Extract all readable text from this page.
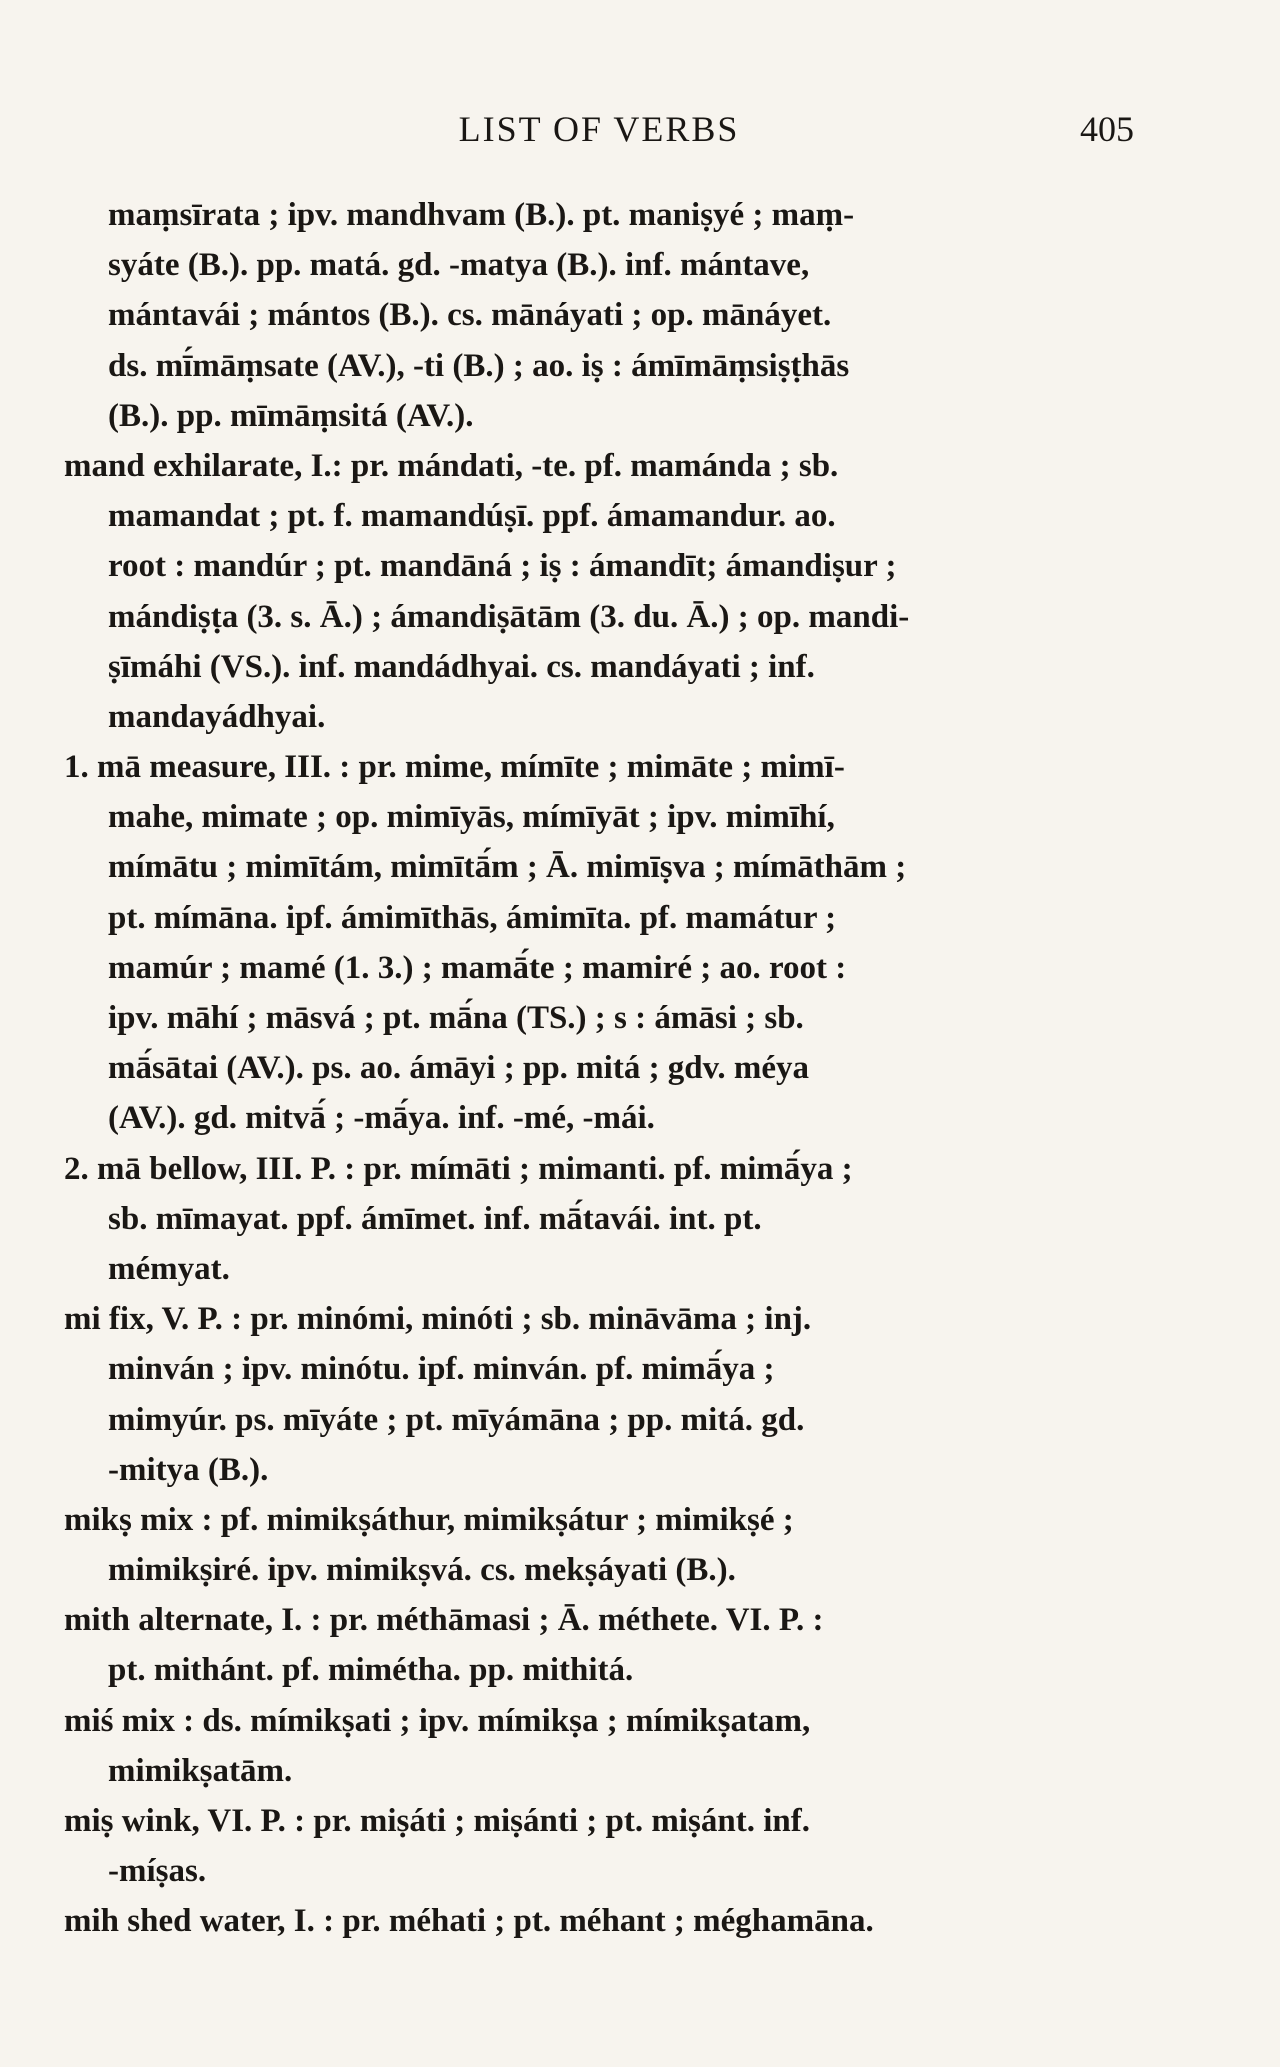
LIST OF VERBS	405
maṃsīrata ; ipv. mandhvam (B.). pt. maniṣyé ; maṃ-
syáte (B.). pp. matá. gd. -matya (B.). inf. mántave,
mántavái ; mántos (B.). cs. mānáyati ; op. mānáyet.
ds. mī́māṃsate (AV.), -ti (B.) ; ao. iṣ : ámīmāṃsiṣṭhās
(B.). pp. mīmāṃsitá (AV.).
mand exhilarate, I.: pr. mándati, -te. pf. mamánda ; sb.
mamandat ; pt. f. mamandúṣī. ppf. ámamandur. ao.
root : mandúr ; pt. mandāná ; iṣ : ámandīt; ámandiṣur ;
mándiṣṭa (3. s. Ā.) ; ámandiṣātām (3. du. Ā.) ; op. mandi-
ṣīmáhi (VS.). inf. mandádhyai. cs. mandáyati ; inf.
mandayádhyai.
1. mā measure, III. : pr. mime, mímīte ; mimāte ; mimī-
mahe, mimate ; op. mimīyās, mímīyāt ; ipv. mimīhí,
mímātu ; mimītám, mimītā́m ; Ā. mimīṣva ; mímāthām ;
pt. mímāna. ipf. ámimīthās, ámimīta. pf. mamátur ;
mamúr ; mamé (1. 3.) ; mamā́te ; mamiré ; ao. root :
ipv. māhí ; māsvá ; pt. mā́na (TS.) ; s : ámāsi ; sb.
mā́sātai (AV.). ps. ao. ámāyi ; pp. mitá ; gdv. méya
(AV.). gd. mitvā́ ; -mā́ya. inf. -mé, -mái.
2. mā bellow, III. P. : pr. mímāti ; mimanti. pf. mimā́ya ;
sb. mīmayat. ppf. ámīmet. inf. mā́tavái. int. pt.
mémyat.
mi fix, V. P. : pr. minómi, minóti ; sb. mināvāma ; inj.
minván ; ipv. minótu. ipf. minván. pf. mimā́ya ;
mimyúr. ps. mīyáte ; pt. mīyámāna ; pp. mitá. gd.
-mitya (B.).
mikṣ mix : pf. mimikṣáthur, mimikṣátur ; mimikṣé ;
mimikṣiré. ipv. mimikṣvá. cs. mekṣáyati (B.).
mith alternate, I. : pr. méthāmasi ; Ā. méthete. VI. P. :
pt. mithánt. pf. mimétha. pp. mithitá.
miś mix : ds. mímikṣati ; ipv. mímikṣa ; mímikṣatam,
mimikṣatām.
miṣ wink, VI. P. : pr. miṣáti ; miṣánti ; pt. miṣánt. inf.
-míṣas.
mih shed water, I. : pr. méhati ; pt. méhant ; méghamāna.
